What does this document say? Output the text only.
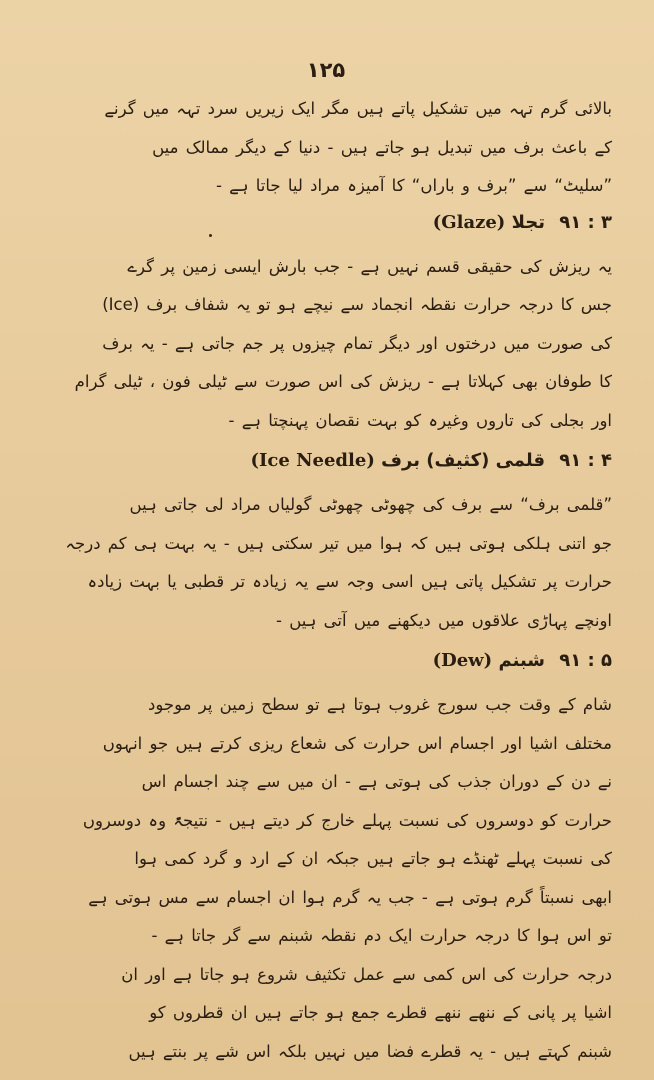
۱۲۵

بالائی گرم تہہ میں تشکیل پاتے ہیں مگر ایک زیریں سرد تہہ میں گرنے
کے باعث برف میں تبدیل ہو جاتے ہیں - دنیا کے دیگر ممالک میں
”سلیٹ“ سے ”برف و باراں“ کا آمیزہ مراد لیا جاتا ہے -

۳ : ۹۱ تجلا (Glaze)

یہ ریزش کی حقیقی قسم نہیں ہے - جب بارش ایسی زمین پر گرے
جس کا درجہ حرارت نقطہ انجماد سے نیچے ہو تو یہ شفاف برف (Ice)
کی صورت میں درختوں اور دیگر تمام چیزوں پر جم جاتی ہے - یہ برف
کا طوفان بھی کہلاتا ہے - ریزش کی اس صورت سے ٹیلی فون ، ٹیلی گرام
اور بجلی کی تاروں وغیرہ کو بہت نقصان پہنچتا ہے -

۴ : ۹۱ قلمی (کثیف) برف (Ice Needle)

”قلمی برف“ سے برف کی چھوٹی چھوٹی گولیاں مراد لی جاتی ہیں
جو اتنی ہلکی ہوتی ہیں کہ ہوا میں تیر سکتی ہیں - یہ بہت ہی کم درجہ
حرارت پر تشکیل پاتی ہیں اسی وجہ سے یہ زیادہ تر قطبی یا بہت زیادہ
اونچے پہاڑی علاقوں میں دیکھنے میں آتی ہیں -

۵ : ۹۱ شبنم (Dew)

شام کے وقت جب سورج غروب ہوتا ہے تو سطح زمین پر موجود
مختلف اشیا اور اجسام اس حرارت کی شعاع ریزی کرتے ہیں جو انہوں
نے دن کے دوران جذب کی ہوتی ہے - ان میں سے چند اجسام اس
حرارت کو دوسروں کی نسبت پہلے خارج کر دیتے ہیں - نتیجۃً وہ دوسروں
کی نسبت پہلے ٹھنڈے ہو جاتے ہیں جبکہ ان کے ارد و گرد کمی ہوا
ابھی نسبتاً گرم ہوتی ہے - جب یہ گرم ہوا ان اجسام سے مس ہوتی ہے
تو اس ہوا کا درجہ حرارت ایک دم نقطہ شبنم سے گر جاتا ہے -
درجہ حرارت کی اس کمی سے عمل تکثیف شروع ہو جاتا ہے اور ان
اشیا پر پانی کے ننھے ننھے قطرے جمع ہو جاتے ہیں ان قطروں کو
شبنم کہتے ہیں - یہ قطرے فضا میں نہیں بلکہ اس شے پر بنتے ہیں
